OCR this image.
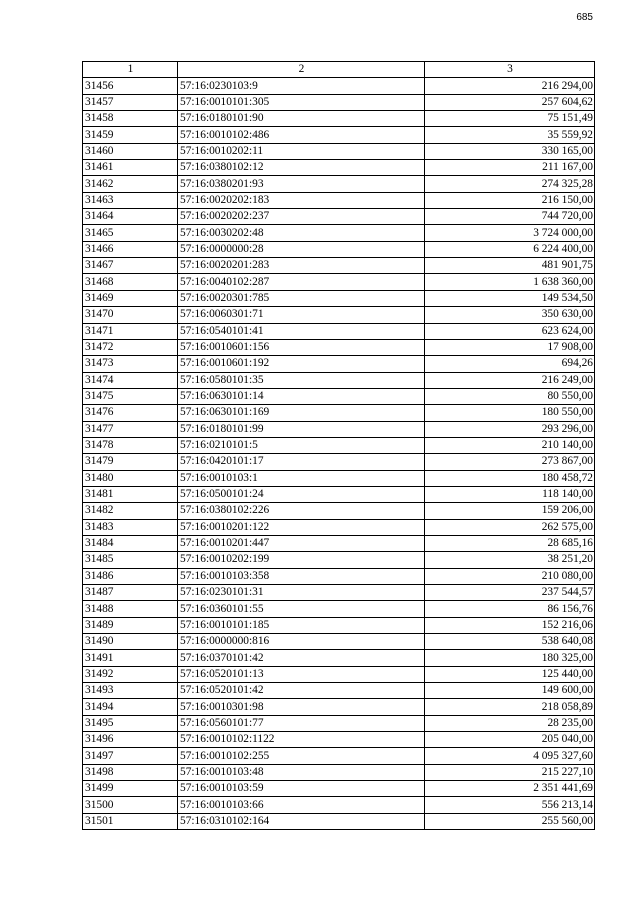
685
1	2	3
31456	57:16:0230103:9	216 294,00
31457	57:16:0010101:305	257 604,62
31458	57:16:0180101:90	75 151,49
31459	57:16:0010102:486	35 559,92
31460	57:16:0010202:11	330 165,00
31461	57:16:0380102:12	211 167,00
31462	57:16:0380201:93	274 325,28
31463	57:16:0020202:183	216 150,00
31464	57:16:0020202:237	744 720,00
31465	57:16:0030202:48	3 724 000,00
31466	57:16:0000000:28	6 224 400,00
31467	57:16:0020201:283	481 901,75
31468	57:16:0040102:287	1 638 360,00
31469	57:16:0020301:785	149 534,50
31470	57:16:0060301:71	350 630,00
31471	57:16:0540101:41	623 624,00
31472	57:16:0010601:156	17 908,00
31473	57:16:0010601:192	694,26
31474	57:16:0580101:35	216 249,00
31475	57:16:0630101:14	80 550,00
31476	57:16:0630101:169	180 550,00
31477	57:16:0180101:99	293 296,00
31478	57:16:0210101:5	210 140,00
31479	57:16:0420101:17	273 867,00
31480	57:16:0010103:1	180 458,72
31481	57:16:0500101:24	118 140,00
31482	57:16:0380102:226	159 206,00
31483	57:16:0010201:122	262 575,00
31484	57:16:0010201:447	28 685,16
31485	57:16:0010202:199	38 251,20
31486	57:16:0010103:358	210 080,00
31487	57:16:0230101:31	237 544,57
31488	57:16:0360101:55	86 156,76
31489	57:16:0010101:185	152 216,06
31490	57:16:0000000:816	538 640,08
31491	57:16:0370101:42	180 325,00
31492	57:16:0520101:13	125 440,00
31493	57:16:0520101:42	149 600,00
31494	57:16:0010301:98	218 058,89
31495	57:16:0560101:77	28 235,00
31496	57:16:0010102:1122	205 040,00
31497	57:16:0010102:255	4 095 327,60
31498	57:16:0010103:48	215 227,10
31499	57:16:0010103:59	2 351 441,69
31500	57:16:0010103:66	556 213,14
31501	57:16:0310102:164	255 560,00
